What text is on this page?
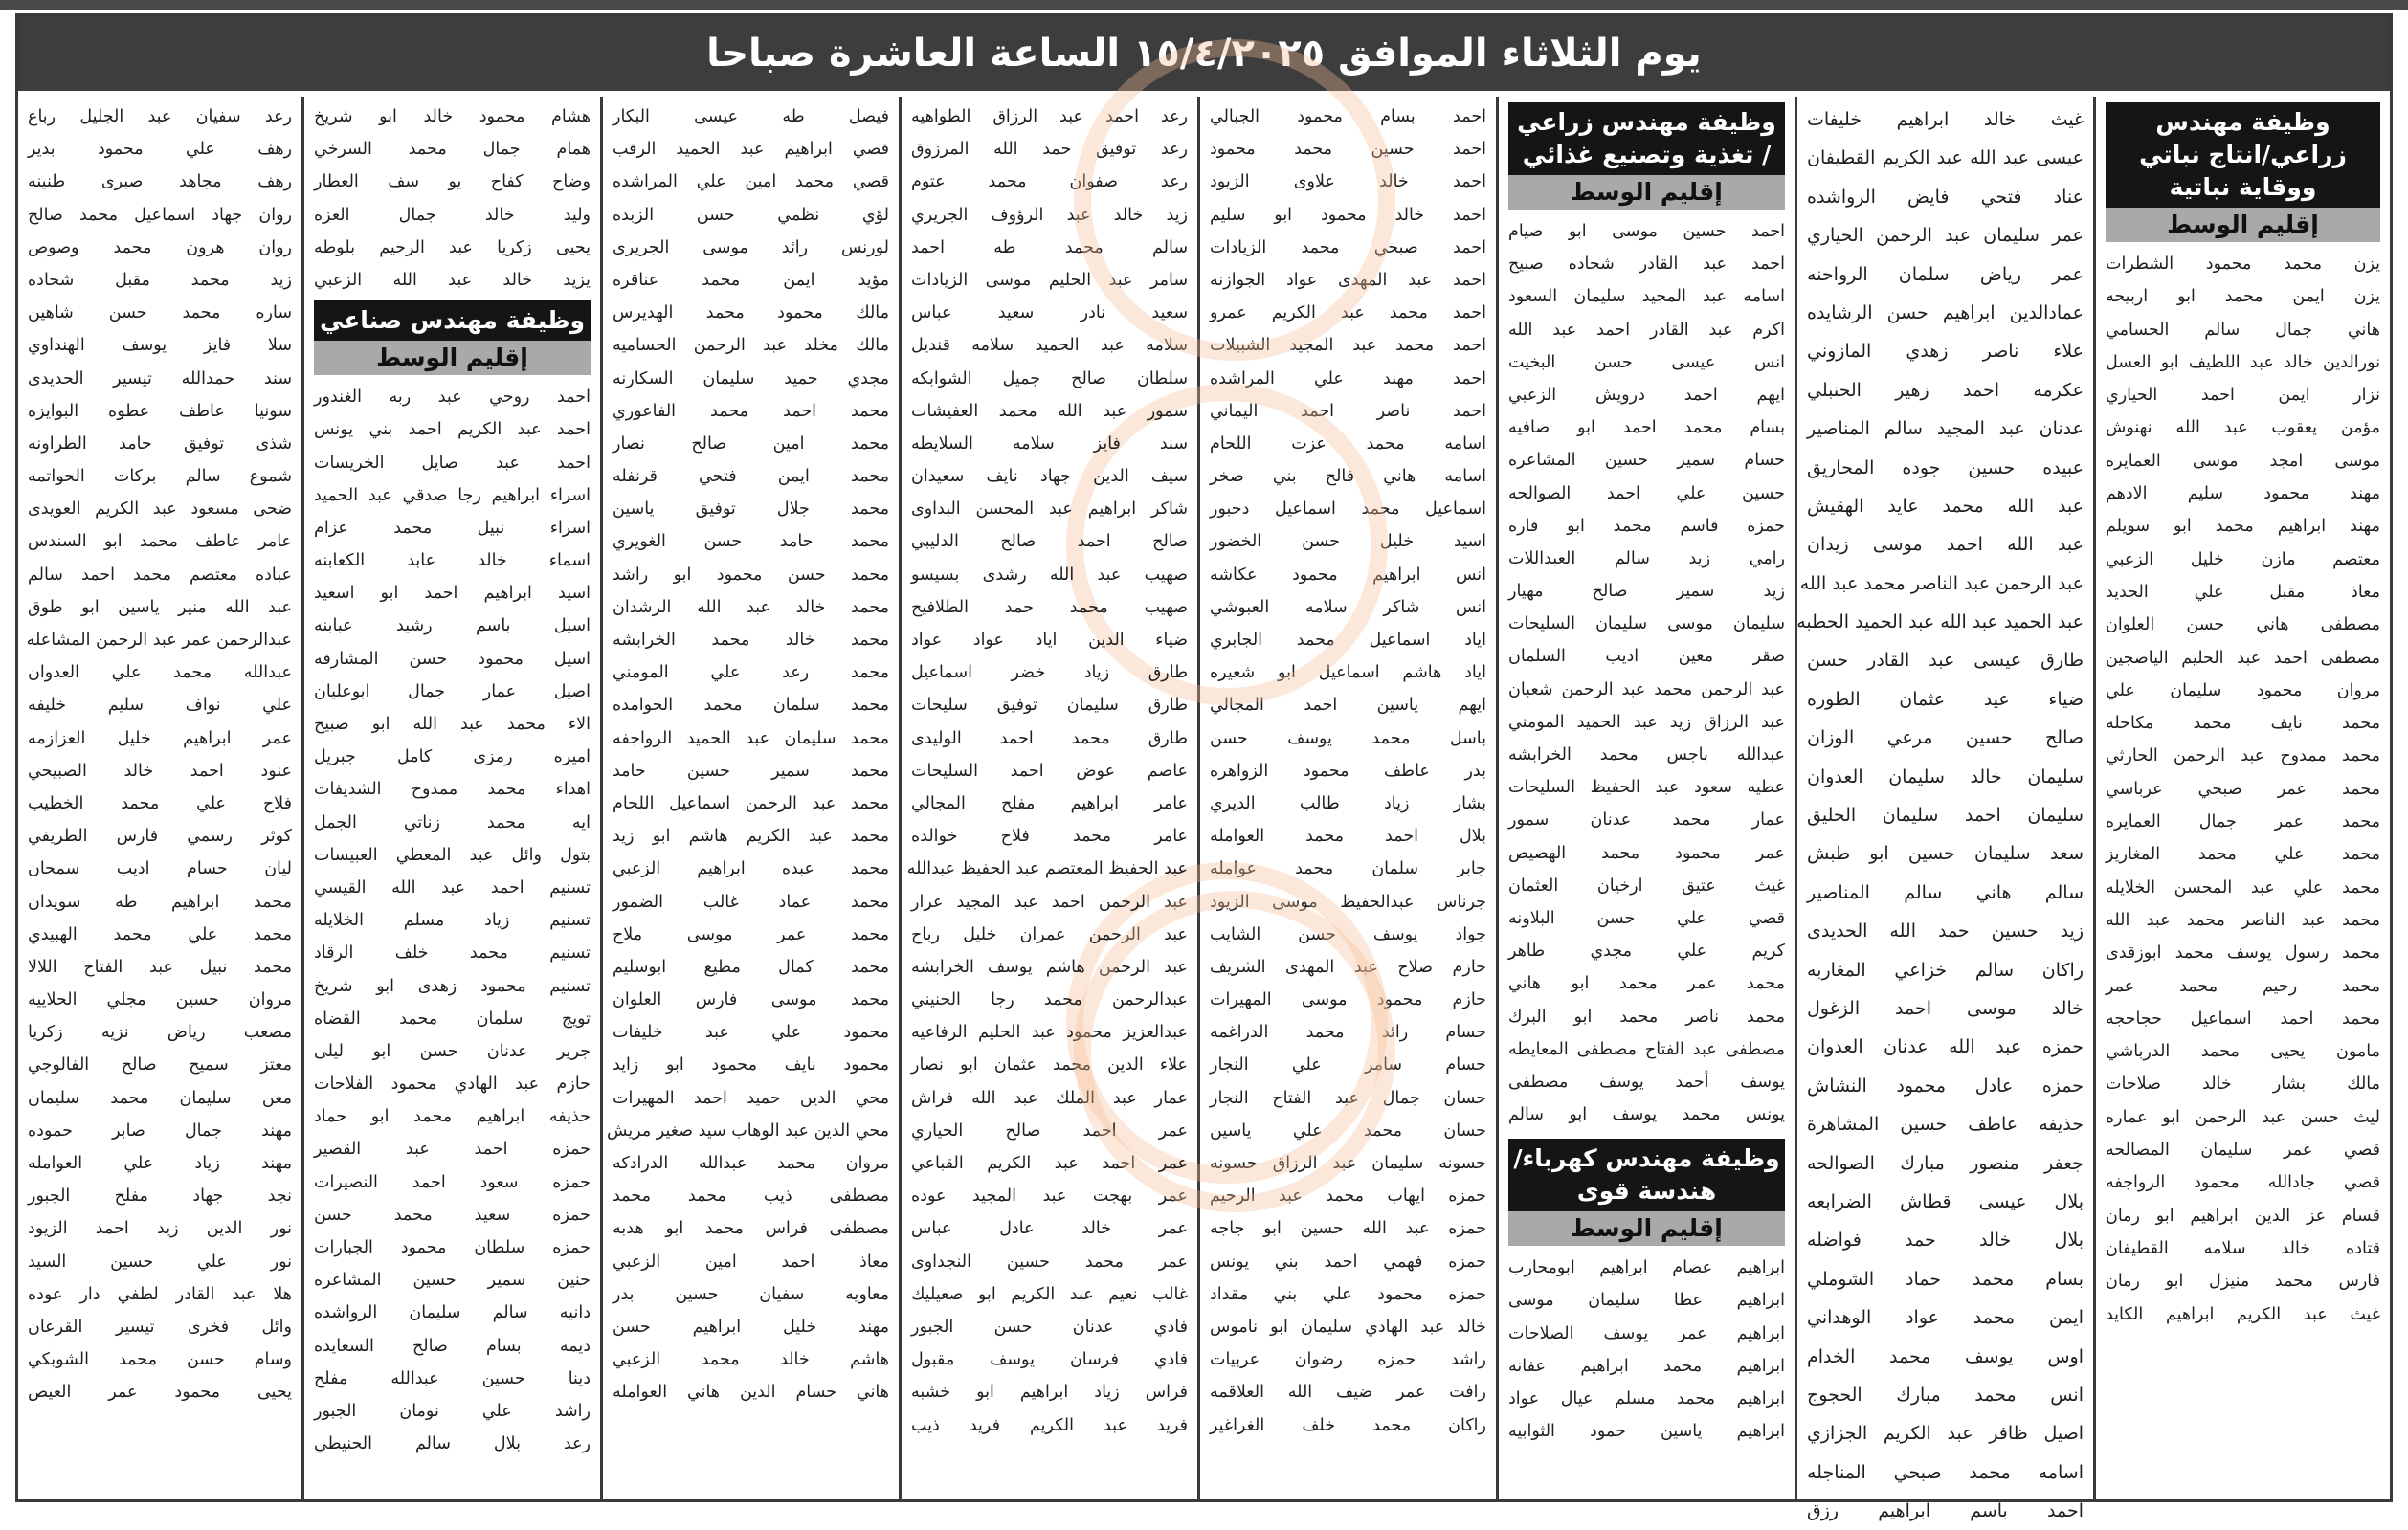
يوم الثلاثاء الموافق ١٥/٤/٢٠٢٥ الساعة العاشرة صباحا
وظيفة مهندس زراعي/انتاج نباتي ووقاية نباتية
إقليم الوسط
يزن محمد محمود الشطرات
يزن ايمن محمد ابو اربيحه
هاني جمال سالم الحسامي
نورالدين خالد عبد اللطيف ابو العسل
نزار ايمن احمد الحياري
مؤمن يعقوب عبد الله نهنوش
موسى امجد موسى العمايره
مهند محمود سليم الادهم
مهند ابراهيم محمد ابو سويلم
معتصم مازن خليل الزعبي
معاذ مقبل علي الحديد
مصطفى هاني حسن العلوان
مصطفى احمد عبد الحليم الياصجين
مروان محمود سليمان علي
محمد نايف محمد مكاحله
محمد ممدوح عبد الرحمن الحارثي
محمد عمر صبحي عرباسي
محمد عمر جمال العمايره
محمد علي محمد المغاريز
محمد علي عبد المحسن الخلايله
محمد عبد الناصر محمد عبد الله
محمد رسول يوسف محمد ابوزقدى
محمد رحيم محمد عمر
محمد احمد اسماعيل حجاحجه
مامون يحيى محمد الدرباشي
مالك بشار خالد صلاحات
ليث حسن عبد الرحمن ابو عماره
قصي عمر سليمان المصالحه
قصي جادالله محمود الرواجفه
قسام عز الدين ابراهيم ابو رمان
قتاده خالد سلامه القطيفان
فارس محمد منيزل ابو رمان
غيث عبد الكريم ابراهيم الكايد
غيث خالد ابراهيم خليفات
عيسى عبد الله عبد الكريم القطيفان
عناد فتحي فايض الرواشده
عمر سليمان عبد الرحمن الحياري
عمر رياض سلمان الرواحنه
عمادالدين ابراهيم حسن الرشايده
علاء ناصر زهدي المازوني
عكرمه احمد زهير الحنبلي
عدنان عبد المجيد سالم المناصير
عبيده حسين جوده المحاريق
عبد الله محمد عايد الهقيش
عبد الله احمد موسى زيدان
عبد الرحمن عبد الناصر محمد عبد الله
عبد الحميد عبد الله عبد الحميد الحطبه
طارق عيسى عبد القادر حسن
ضياء عيد عثمان الطوره
صالح حسين مرعي الوزان
سليمان خالد سليمان العدوان
سليمان احمد سليمان الحليق
سعد سليمان حسين ابو طبش
سالم هاني سالم المناصير
زيد حسين حمد الله الحديدى
راكان سالم خزاعي المغاربه
خالد موسى احمد الزغول
حمزه عبد الله عدنان العدوان
حمزه عادل محمود النشاش
حذيفه عاطف حسين المشاهرة
جعفر منصور مبارك الصوالحه
بلال عيسى قطاش الضرابعه
بلال خالد حمد فواضله
بسام محمد حماد الشوملي
ايمن محمد عواد الوهداني
اوس يوسف محمد الخدام
انس محمد مبارك الحجوج
اصيل ظافر عبد الكريم الجزازي
اسامه محمد صبحي المناجله
احمد باسم ابراهيم رزق
وظيفة مهندس زراعي / تغذية وتصنيع غذائي
إقليم الوسط
احمد حسين موسى ابو صيام
احمد عبد القادر شحاده صبيح
اسامه عبد المجيد سليمان السعود
اكرم عبد القادر احمد عبد الله
انس عيسى حسن البخيت
ايهم احمد درويش الزعبي
بسام محمد احمد ابو صافيه
حسام سمير حسين المشاعره
حسين علي احمد الصوالحه
حمزه قاسم محمد ابو فاره
رامي زيد سالم العبداللات
زيد سمير صالح مهيار
سليمان موسى سليمان السليحات
صقر معين اديب السلمان
عبد الرحمن محمد عبد الرحمن شعبان
عبد الرزاق زيد عبد الحميد المومني
عبدالله باجس محمد الخرابشه
عطيه سعود عبد الحفيظ السليحات
عمار محمد عدنان سمور
عمر محمود محمد الهصيص
غيث عتيق ارخيان العثمان
قصي علي حسن البلاونه
كريم علي مجدي طاهر
محمد عمر محمد ابو هاني
محمد ناصر محمد ابو البرك
مصطفى عبد الفتاح مصطفى المعايطه
يوسف أحمد يوسف مصطفى
يونس محمد يوسف ابو سالم
وظيفة مهندس كهرباء/ هندسة قوى
إقليم الوسط
ابراهيم عصام ابراهيم ابومحارب
ابراهيم عطا سليمان موسى
ابراهيم عمر يوسف الصلاحات
ابراهيم محمد ابراهيم عفانه
ابراهيم محمد مسلم عيال عواد
ابراهيم ياسين حمود الثوابيه
احمد بسام محمود الجبالي
احمد حسين محمد محمود
احمد خالد علاوى الزيود
احمد خالد محمود ابو سليم
احمد صبحي محمد الزيادات
احمد عبد المهدى عواد الجوازنه
احمد محمد عبد الكريم عمرو
احمد محمد عبد المجيد الشبيلات
احمد مهند علي المراشده
احمد ناصر احمد اليماني
اسامه محمد عزت اللحام
اسامه هاني فالح بني صخر
اسماعيل محمد اسماعيل دحبور
اسيد خليل حسن الخضور
انس ابراهيم محمود عكاشه
انس شاكر سلامه العبوشي
اياد اسماعيل محمد الجابري
اياد هاشم اسماعيل ابو شعيره
ايهم ياسين احمد المجالي
باسل محمد يوسف حسن
بدر عاطف محمود الزواهره
بشار زياد طالب الديري
بلال احمد محمد العوامله
جابر سلمان محمد عوامله
جرناس عبدالحفيظ موسى الزيود
جواد يوسف حسن الشايب
حازم صلاح عبد المهدى الشريف
حازم محمود موسى المهيرات
حسام رائد محمد الدراغمه
حسام سامر علي النجار
حسان جمال عبد الفتاح النجار
حسان محمد علي ياسين
حسونه سليمان عبد الرزاق حسونه
حمزه ايهاب محمد عبد الرحيم
حمزه عبد الله حسين ابو جاجه
حمزه فهمي احمد بني يونس
حمزه محمود علي بني مقداد
خالد عبد الهادي سليمان ابو ناموس
راشد حمزه رضوان عربيات
رافت عمر ضيف الله العلاقمه
راكان محمد خلف الغراغير
رعد احمد عبد الرزاق الطواهيه
رعد توفيق حمد الله المرزوق
رعد صفوان محمد عتوم
زيد خالد عبد الرؤوف الجريري
سالم محمد طه احمد
سامر عبد الحليم موسى الزيادات
سعيد نادر سعيد عباس
سلامه عبد الحميد سلامه قنديل
سلطان صالح جميل الشوابكه
سمور عبد الله محمد العفيشات
سند فايز سلامه السلايطه
سيف الدين جهاد نايف سعيدان
شاكر ابراهيم عبد المحسن البداوى
صالح احمد صالح الدليبي
صهيب عبد الله رشدى بسيسو
صهيب محمد حمد الطلافيح
ضياء الدين اياد عواد عواد
طارق زياد خضر اسماعيل
طارق سليمان توفيق سليحات
طارق محمد احمد الوليدى
عاصم عوض احمد السليحات
عامر ابراهيم مفلح المجالي
عامر محمد فلاح خوالده
عبد الحفيظ المعتصم عبد الحفيظ عبدالله
عبد الرحمن احمد عبد المجيد عرار
عبد الرحمن عمران خليل رباح
عبد الرحمن هاشم يوسف الخرابشه
عبدالرحمن محمد رجا الحنيني
عبدالعزيز محمود عبد الحليم الرفاعيه
علاء الدين محمد عثمان ابو نصار
عمار عبد الملك عبد الله فراش
عمر احمد صالح الحياري
عمر احمد عبد الكريم القباعي
عمر بهجت عبد المجيد عوده
عمر خالد عادل عباس
عمر محمد حسين النجداوى
غالب نعيم عبد الكريم ابو صعيليك
فادي عدنان حسن الجبور
فادي فرسان يوسف مقبول
فراس زياد ابراهيم ابو خشبه
فريد عبد الكريم فريد ذيب
فيصل طه عيسى البكار
قصي ابراهيم عبد الحميد الرقب
قصي محمد امين علي المراشده
لؤي نظمي حسن الزبده
لورنس رائد موسى الجريرى
مؤيد ايمن محمد عناقره
مالك محمود محمد الهديرس
مالك مخلد عبد الرحمن الحساميه
مجدي حميد سليمان السكارنه
محمد احمد محمد الفاعوري
محمد امين صالح نصار
محمد ايمن فتحي قرنفله
محمد جلال توفيق ياسين
محمد حامد حسن الغويري
محمد حسن محمود ابو راشد
محمد خالد عبد الله الرشدان
محمد خالد محمد الخرابشه
محمد رعد علي المومني
محمد سلمان محمد الحوامده
محمد سليمان عبد الحميد الرواجفه
محمد سمير حسين حامد
محمد عبد الرحمن اسماعيل اللحام
محمد عبد الكريم هاشم ابو زيد
محمد عبده ابراهيم الزعبي
محمد عماد غالب الضمور
محمد عمر موسى ملاح
محمد كمال مطيع ابوسليم
محمد موسى فارس العلوان
محمود علي عبد خليفات
محمود نايف محمود ابو زايد
محي الدين حميد احمد المهيرات
محي الدين عبد الوهاب سيد صغير مريش
مروان محمد عبدالله الدرادكه
مصطفى ذيب محمد محمد
مصطفى فراس محمد ابو هدبه
معاذ احمد امين الزعبي
معاويه سفيان حسين بدر
مهند خليل ابراهيم حسن
هاشم خالد محمد الزعبي
هاني حسام الدين هاني العوامله
هشام محمود خالد ابو شريخ
همام جمال محمد السرخي
وضاح كفاح يو سف العطار
وليد خالد جمال العزه
يحيى زكريا عبد الرحيم بلوطه
يزيد خالد عبد الله الزعبي
وظيفة مهندس صناعي
إقليم الوسط
احمد روحي عبد ربه الغندور
احمد عبد الكريم احمد بني يونس
احمد عبد صايل الخريسات
اسراء ابراهيم رجا صدقي عبد الحميد
اسراء نبيل محمد عزام
اسماء خالد عابد الكعابنه
اسيد ابراهيم احمد ابو اسعيد
اسيل باسم رشيد عبابنه
اسيل محمود حسن المشارفه
اصيل عمار جمال ابوعليان
الاء محمد عبد الله ابو صبيح
اميره رمزى كامل جبريل
اهداء محمد ممدوح الشديفات
ايه محمد زناتي الجمل
بتول وائل عبد المعطي العبيسات
تسنيم احمد عبد الله القيسي
تسنيم زياد مسلم الخلايله
تسنيم محمد خلف الرقاد
تسنيم محمود زهدى ابو شريخ
تويج سلمان محمد القضاه
جرير عدنان حسن ابو ليلى
حازم عبد الهادي محمود الفلاحات
حذيفه ابراهيم محمد ابو حماد
حمزه احمد عبد القصير
حمزه سعود احمد النصيرات
حمزه سعيد محمد حسن
حمزه سلطان محمود الجبارات
حنين سمير حسين المشاعره
دانيه سالم سليمان الرواشده
ديمه بسام صالح السعايده
دينا حسين عبدالله مفلح
راشد علي نومان الجبور
رعد بلال سالم الحنيطي
رعد سفيان عبد الجليل رباع
رهف علي محمود بدير
رهف مجاهد صبرى طنينه
روان جهاد اسماعيل محمد صالح
روان هرون محمد وصوص
زيد محمد مقبل شحاده
ساره محمد حسن شاهين
سلا فايز يوسف الهنداوي
سند حمدالله تيسير الحديدى
سونيا عاطف عطوه البوايزه
شذى توفيق حامد الطراونه
شموع سالم بركات الحواتمه
ضحى مسعود عبد الكريم العويدى
عامر عاطف محمد ابو السندس
عباده معتصم محمد احمد سالم
عبد الله منير ياسين ابو طوق
عبدالرحمن عمر عبد الرحمن المشاعله
عبدالله محمد علي العدوان
علي نواف سليم خليفه
عمر ابراهيم خليل العزازمه
عنود احمد خالد الصبيحي
فلاح علي محمد الخطيب
كوثر رسمي فارس الطريفي
ليان حسام اديب سمحان
محمد ابراهيم طه سويدان
محمد علي محمد الهبيدي
محمد نبيل عبد الفتاح اللالا
مروان حسين مجلي الحلاييه
مصعب رياض نزيه زكريا
معتز سميح صالح الفالوجي
معن سليمان محمد سليمان
مهند جمال صابر حموده
مهند زياد علي العوامله
نجد جهاد مفلح الجبور
نور الدين زيد احمد الزيود
نور علي حسين السيد
هلا عبد القادر لطفي دار عوده
وائل فخرى تيسير القرعان
وسام حسن محمد الشوبكي
يحيى محمود عمر العيص
